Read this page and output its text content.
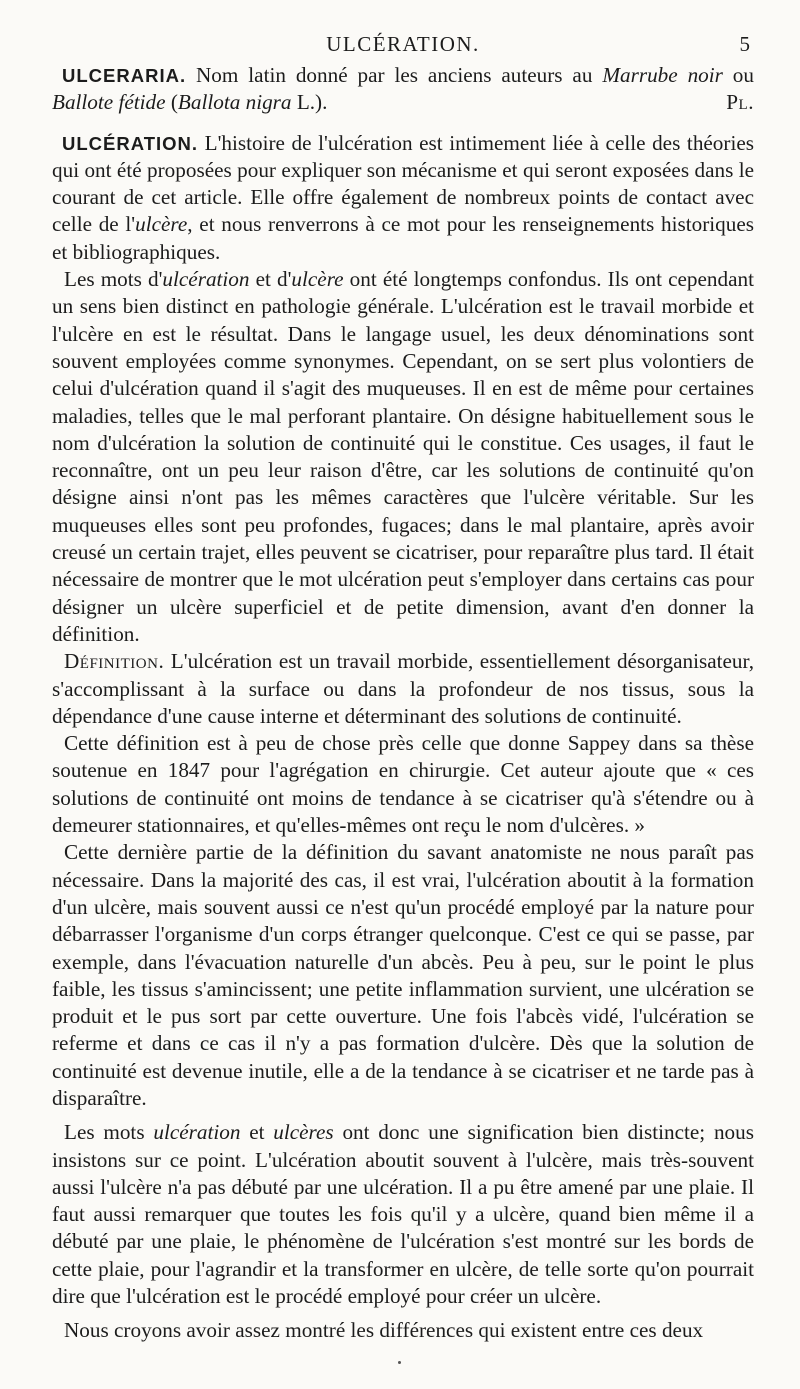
ULCÉRATION.	5

ULCERARIA. Nom latin donné par les anciens auteurs au Marrube noir ou Ballote fétide (Ballota nigra L.).	Pl.

ULCÉRATION. L'histoire de l'ulcération est intimement liée à celle des théories qui ont été proposées pour expliquer son mécanisme et qui seront exposées dans le courant de cet article. Elle offre également de nombreux points de contact avec celle de l'ulcère, et nous renverrons à ce mot pour les renseignements historiques et bibliographiques.

Les mots d'ulcération et d'ulcère ont été longtemps confondus. Ils ont cependant un sens bien distinct en pathologie générale. L'ulcération est le travail morbide et l'ulcère en est le résultat. Dans le langage usuel, les deux dénominations sont souvent employées comme synonymes. Cependant, on se sert plus volontiers de celui d'ulcération quand il s'agit des muqueuses. Il en est de même pour certaines maladies, telles que le mal perforant plantaire. On désigne habituellement sous le nom d'ulcération la solution de continuité qui le constitue. Ces usages, il faut le reconnaître, ont un peu leur raison d'être, car les solutions de continuité qu'on désigne ainsi n'ont pas les mêmes caractères que l'ulcère véritable. Sur les muqueuses elles sont peu profondes, fugaces; dans le mal plantaire, après avoir creusé un certain trajet, elles peuvent se cicatriser, pour reparaître plus tard. Il était nécessaire de montrer que le mot ulcération peut s'employer dans certains cas pour désigner un ulcère superficiel et de petite dimension, avant d'en donner la définition.

Définition. L'ulcération est un travail morbide, essentiellement désorganisateur, s'accomplissant à la surface ou dans la profondeur de nos tissus, sous la dépendance d'une cause interne et déterminant des solutions de continuité.

Cette définition est à peu de chose près celle que donne Sappey dans sa thèse soutenue en 1847 pour l'agrégation en chirurgie. Cet auteur ajoute que « ces solutions de continuité ont moins de tendance à se cicatriser qu'à s'étendre ou à demeurer stationnaires, et qu'elles-mêmes ont reçu le nom d'ulcères. »

Cette dernière partie de la définition du savant anatomiste ne nous paraît pas nécessaire. Dans la majorité des cas, il est vrai, l'ulcération aboutit à la formation d'un ulcère, mais souvent aussi ce n'est qu'un procédé employé par la nature pour débarrasser l'organisme d'un corps étranger quelconque. C'est ce qui se passe, par exemple, dans l'évacuation naturelle d'un abcès. Peu à peu, sur le point le plus faible, les tissus s'amincissent; une petite inflammation survient, une ulcération se produit et le pus sort par cette ouverture. Une fois l'abcès vidé, l'ulcération se referme et dans ce cas il n'y a pas formation d'ulcère. Dès que la solution de continuité est devenue inutile, elle a de la tendance à se cicatriser et ne tarde pas à disparaître.

Les mots ulcération et ulcères ont donc une signification bien distincte; nous insistons sur ce point. L'ulcération aboutit souvent à l'ulcère, mais très-souvent aussi l'ulcère n'a pas débuté par une ulcération. Il a pu être amené par une plaie. Il faut aussi remarquer que toutes les fois qu'il y a ulcère, quand bien même il a débuté par une plaie, le phénomène de l'ulcération s'est montré sur les bords de cette plaie, pour l'agrandir et la transformer en ulcère, de telle sorte qu'on pourrait dire que l'ulcération est le procédé employé pour créer un ulcère.

Nous croyons avoir assez montré les différences qui existent entre ces deux
